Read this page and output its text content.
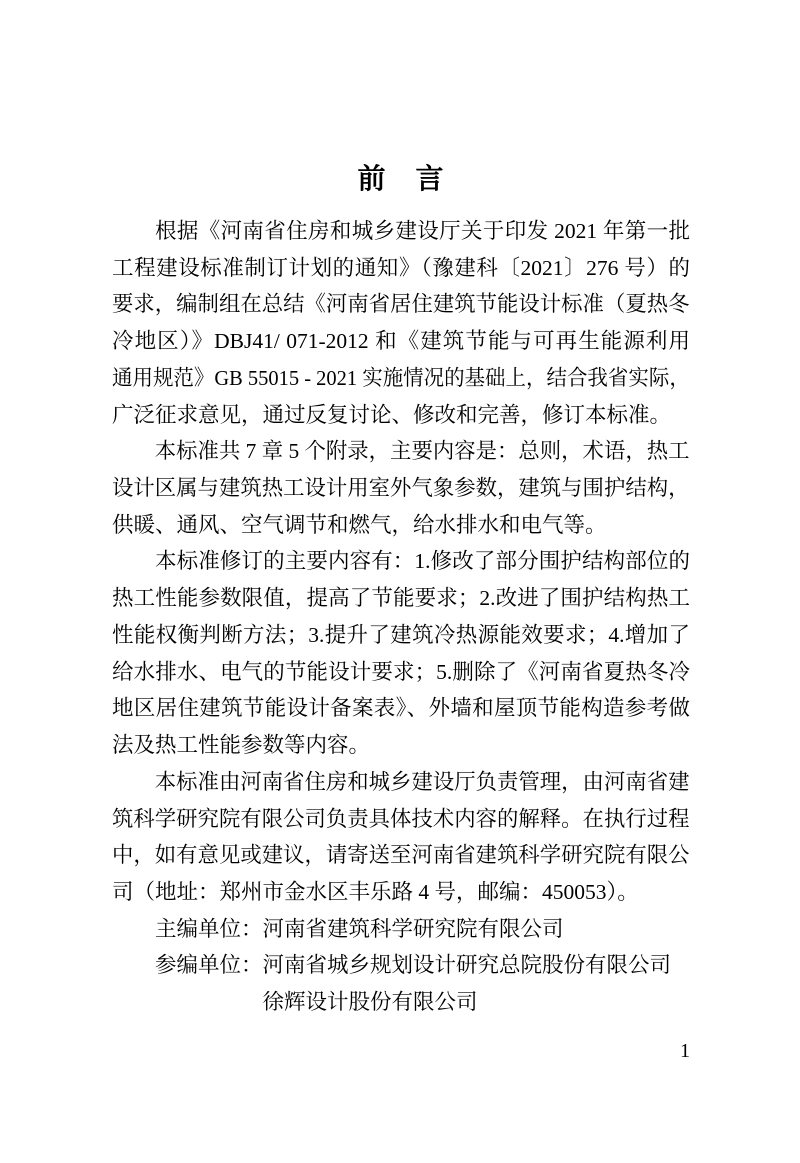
前　言
根据《河南省住房和城乡建设厅关于印发 2021 年第一批
工程建设标准制订计划的通知》（豫建科〔2021〕276 号）的
要求，编制组在总结《河南省居住建筑节能设计标准（夏热冬
冷地区）》DBJ41/ 071-2012 和《建筑节能与可再生能源利用
通用规范》GB 55015 - 2021 实施情况的基础上，结合我省实际，
广泛征求意见，通过反复讨论、修改和完善，修订本标准。
本标准共 7 章 5 个附录，主要内容是：总则，术语，热工
设计区属与建筑热工设计用室外气象参数，建筑与围护结构，
供暖、通风、空气调节和燃气，给水排水和电气等。
本标准修订的主要内容有：1.修改了部分围护结构部位的
热工性能参数限值，提高了节能要求；2.改进了围护结构热工
性能权衡判断方法；3.提升了建筑冷热源能效要求；4.增加了
给水排水、电气的节能设计要求；5.删除了《河南省夏热冬冷
地区居住建筑节能设计备案表》、外墙和屋顶节能构造参考做
法及热工性能参数等内容。
本标准由河南省住房和城乡建设厅负责管理，由河南省建
筑科学研究院有限公司负责具体技术内容的解释。在执行过程
中，如有意见或建议，请寄送至河南省建筑科学研究院有限公
司（地址：郑州市金水区丰乐路 4 号，邮编：450053）。
主编单位：河南省建筑科学研究院有限公司
参编单位：河南省城乡规划设计研究总院股份有限公司
徐辉设计股份有限公司
1
